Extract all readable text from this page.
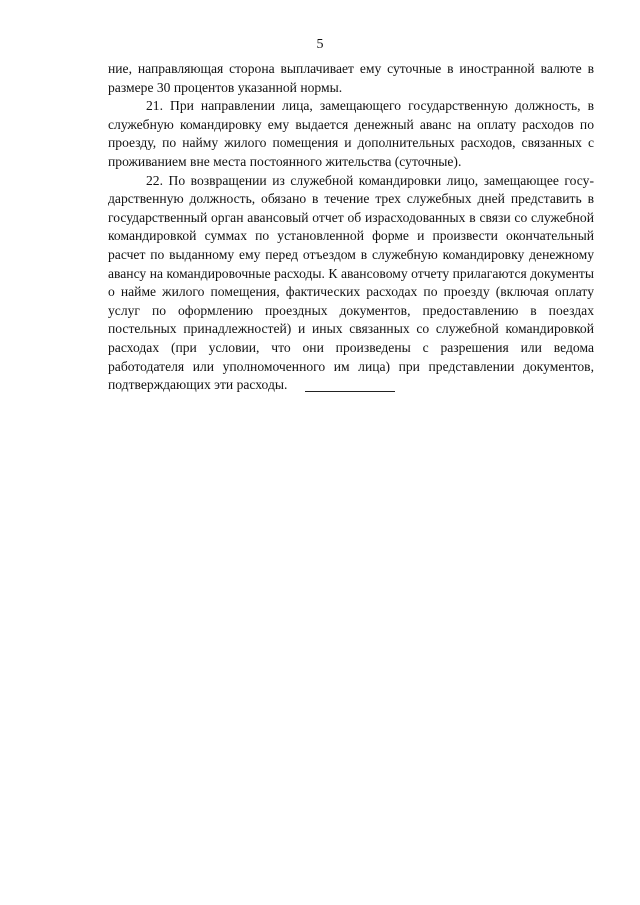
5

ние, направляющая сторона выплачивает ему суточные в иностранной валюте в размере 30 процентов указанной нормы.

21. При направлении лица, замещающего государственную должность, в служебную командировку ему выдается денежный аванс на оплату расходов по проезду, по найму жилого помещения и дополнительных расходов, связанных с проживанием вне места постоянного жительства (суточные).

22. По возвращении из служебной командировки лицо, замещающее государственную должность, обязано в течение трех служебных дней представить в государственный орган авансовый отчет об израсходованных в связи со служебной командировкой суммах по установленной форме и произвести окончательный расчет по выданному ему перед отъездом в служебную командировку денежному авансу на командировочные расходы. К авансовому отчету прилагаются документы о найме жилого помещения, фактических расходах по проезду (включая оплату услуг по оформлению проездных документов, предоставлению в поездах постельных принадлежностей) и иных связанных со служебной командировкой расходах (при условии, что они произведены с разрешения или ведома работодателя или уполномоченного им лица) при представлении документов, подтверждающих эти расходы.
